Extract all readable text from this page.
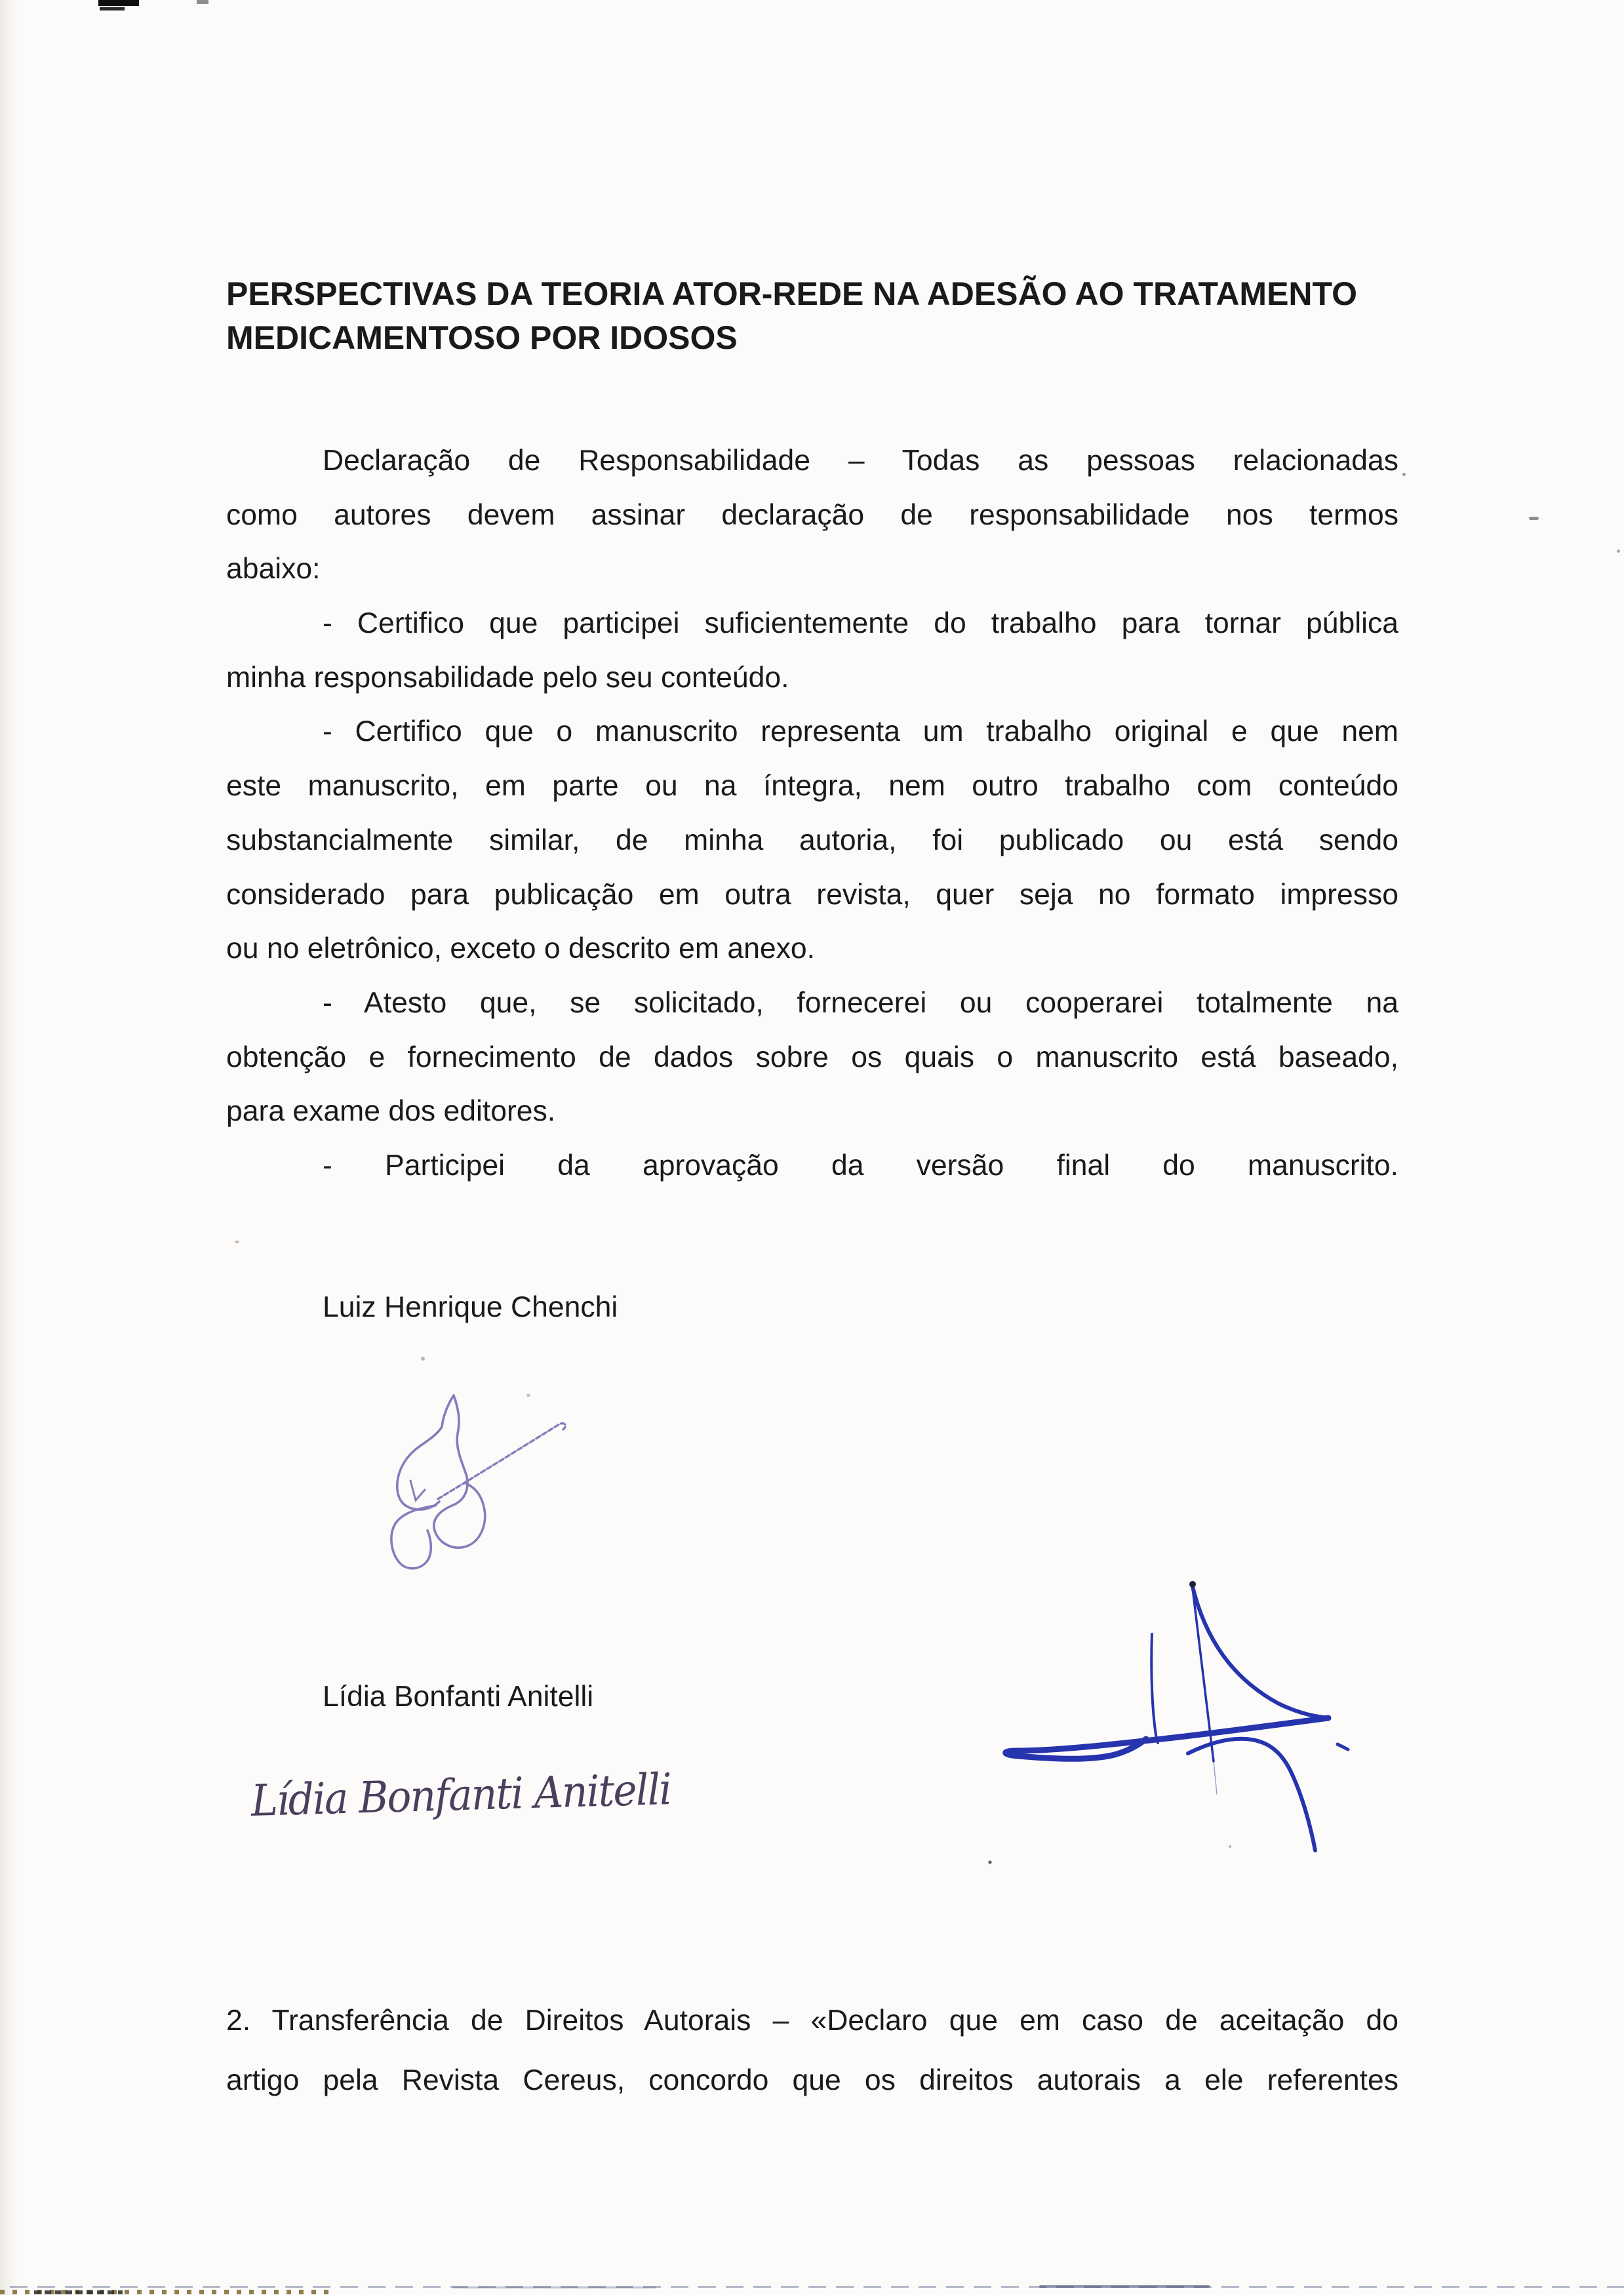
PERSPECTIVAS DA TEORIA ATOR-REDE NA ADESÃO AO TRATAMENTO
MEDICAMENTOSO POR IDOSOS
Declaração de Responsabilidade – Todas as pessoas relacionadas
como autores devem assinar declaração de responsabilidade nos termos
abaixo:
- Certifico que participei suficientemente do trabalho para tornar pública
minha responsabilidade pelo seu conteúdo.
- Certifico que o manuscrito representa um trabalho original e que nem
este manuscrito, em parte ou na íntegra, nem outro trabalho com conteúdo
substancialmente similar, de minha autoria, foi publicado ou está sendo
considerado para publicação em outra revista, quer seja no formato impresso
ou no eletrônico, exceto o descrito em anexo.
- Atesto que, se solicitado, fornecerei ou cooperarei totalmente na
obtenção e fornecimento de dados sobre os quais o manuscrito está baseado,
para exame dos editores.
- Participei da aprovação da versão final do manuscrito.
Luiz Henrique Chenchi
Lídia Bonfanti Anitelli
Lídia Bonfanti Anitelli
2. Transferência de Direitos Autorais – «Declaro que em caso de aceitação do
artigo pela Revista Cereus, concordo que os direitos autorais a ele referentes
